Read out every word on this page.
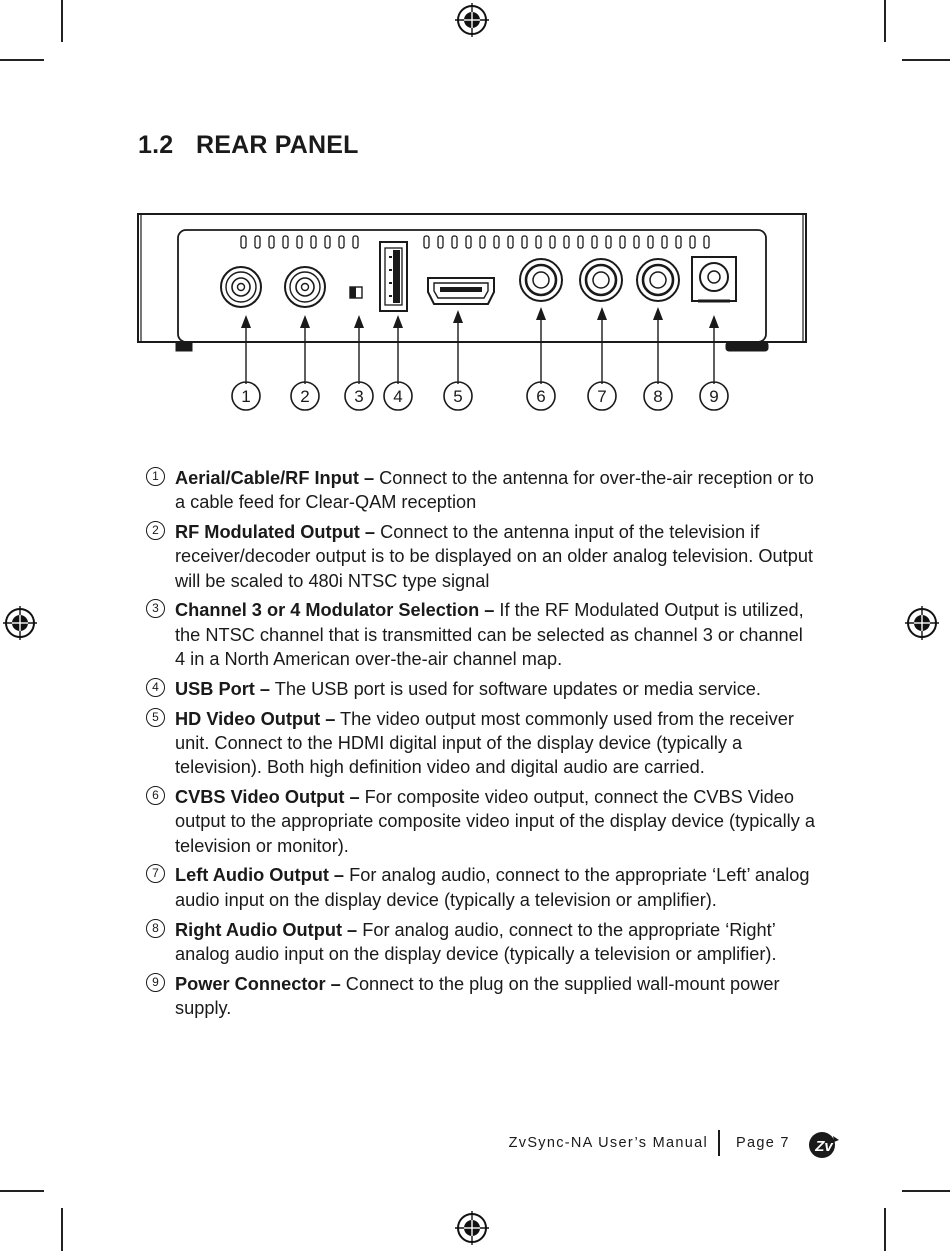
1.2 REAR PANEL
1	2	3 4	5	6	7	8	9
1 Aerial/Cable/RF Input – Connect to the antenna for over-the-air reception or to a cable feed for Clear-QAM reception
2 RF Modulated Output – Connect to the antenna input of the television if receiver/decoder output is to be displayed on an older analog television. Output will be scaled to 480i NTSC type signal
3 Channel 3 or 4 Modulator Selection – If the RF Modulated Output is utilized, the NTSC channel that is transmitted can be selected as channel 3 or channel 4 in a North American over-the-air channel map.
4 USB Port – The USB port is used for software updates or media service.
5 HD Video Output – The video output most commonly used from the receiver unit. Connect to the HDMI digital input of the display device (typically a television). Both high definition video and digital audio are carried.
6 CVBS Video Output – For composite video output, connect the CVBS Video output to the appropriate composite video input of the display device (typically a television or monitor).
7 Left Audio Output – For analog audio, connect to the appropriate ‘Left’ analog audio input on the display device (typically a television or amplifier).
8 Right Audio Output – For analog audio, connect to the appropriate ‘Right’ analog audio input on the display device (typically a television or amplifier).
9 Power Connector – Connect to the plug on the supplied wall-mount power supply.
ZvSync-NA User’s Manual Page 7 Zv
